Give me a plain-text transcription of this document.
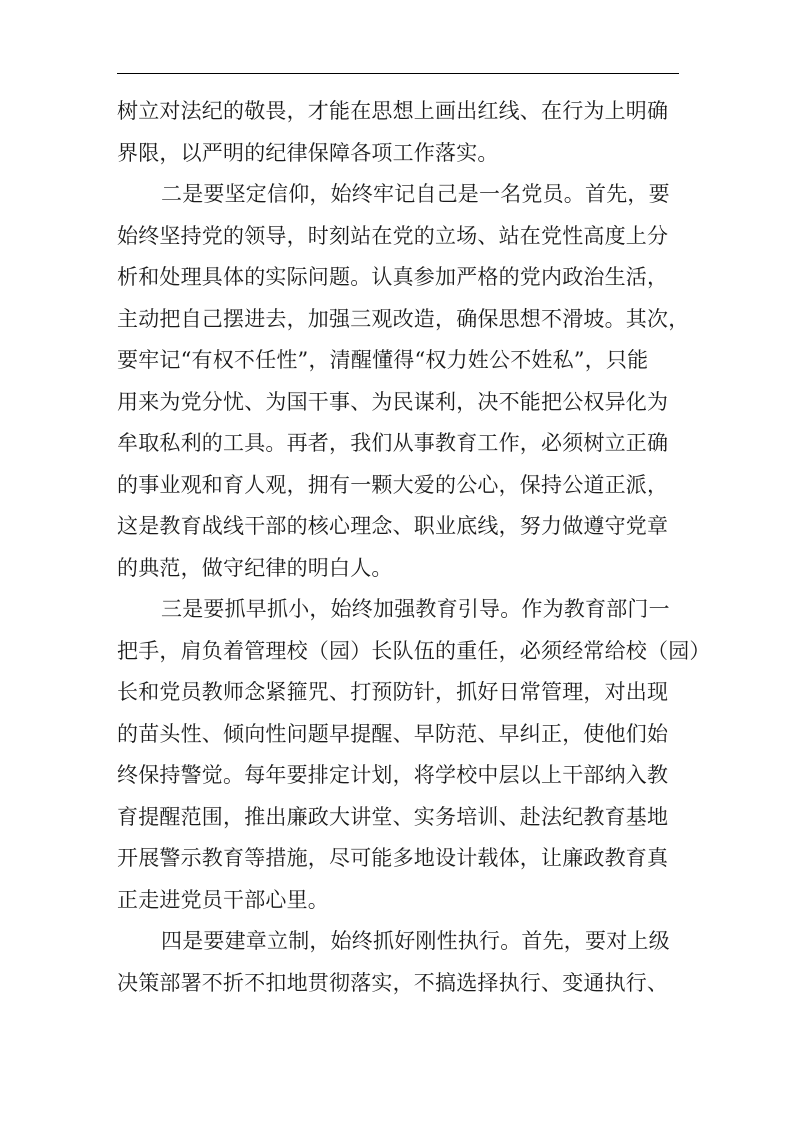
树立对法纪的敬畏，才能在思想上画出红线、在行为上明确
界限，以严明的纪律保障各项工作落实。
二是要坚定信仰，始终牢记自己是一名党员。首先，要
始终坚持党的领导，时刻站在党的立场、站在党性高度上分
析和处理具体的实际问题。认真参加严格的党内政治生活，
主动把自己摆进去，加强三观改造，确保思想不滑坡。其次，
要牢记“有权不任性”，清醒懂得“权力姓公不姓私”，只能
用来为党分忧、为国干事、为民谋利，决不能把公权异化为
牟取私利的工具。再者，我们从事教育工作，必须树立正确
的事业观和育人观，拥有一颗大爱的公心，保持公道正派，
这是教育战线干部的核心理念、职业底线，努力做遵守党章
的典范，做守纪律的明白人。
三是要抓早抓小，始终加强教育引导。作为教育部门一
把手，肩负着管理校（园）长队伍的重任，必须经常给校（园）
长和党员教师念紧箍咒、打预防针，抓好日常管理，对出现
的苗头性、倾向性问题早提醒、早防范、早纠正，使他们始
终保持警觉。每年要排定计划，将学校中层以上干部纳入教
育提醒范围，推出廉政大讲堂、实务培训、赴法纪教育基地
开展警示教育等措施，尽可能多地设计载体，让廉政教育真
正走进党员干部心里。
四是要建章立制，始终抓好刚性执行。首先，要对上级
决策部署不折不扣地贯彻落实，不搞选择执行、变通执行、
